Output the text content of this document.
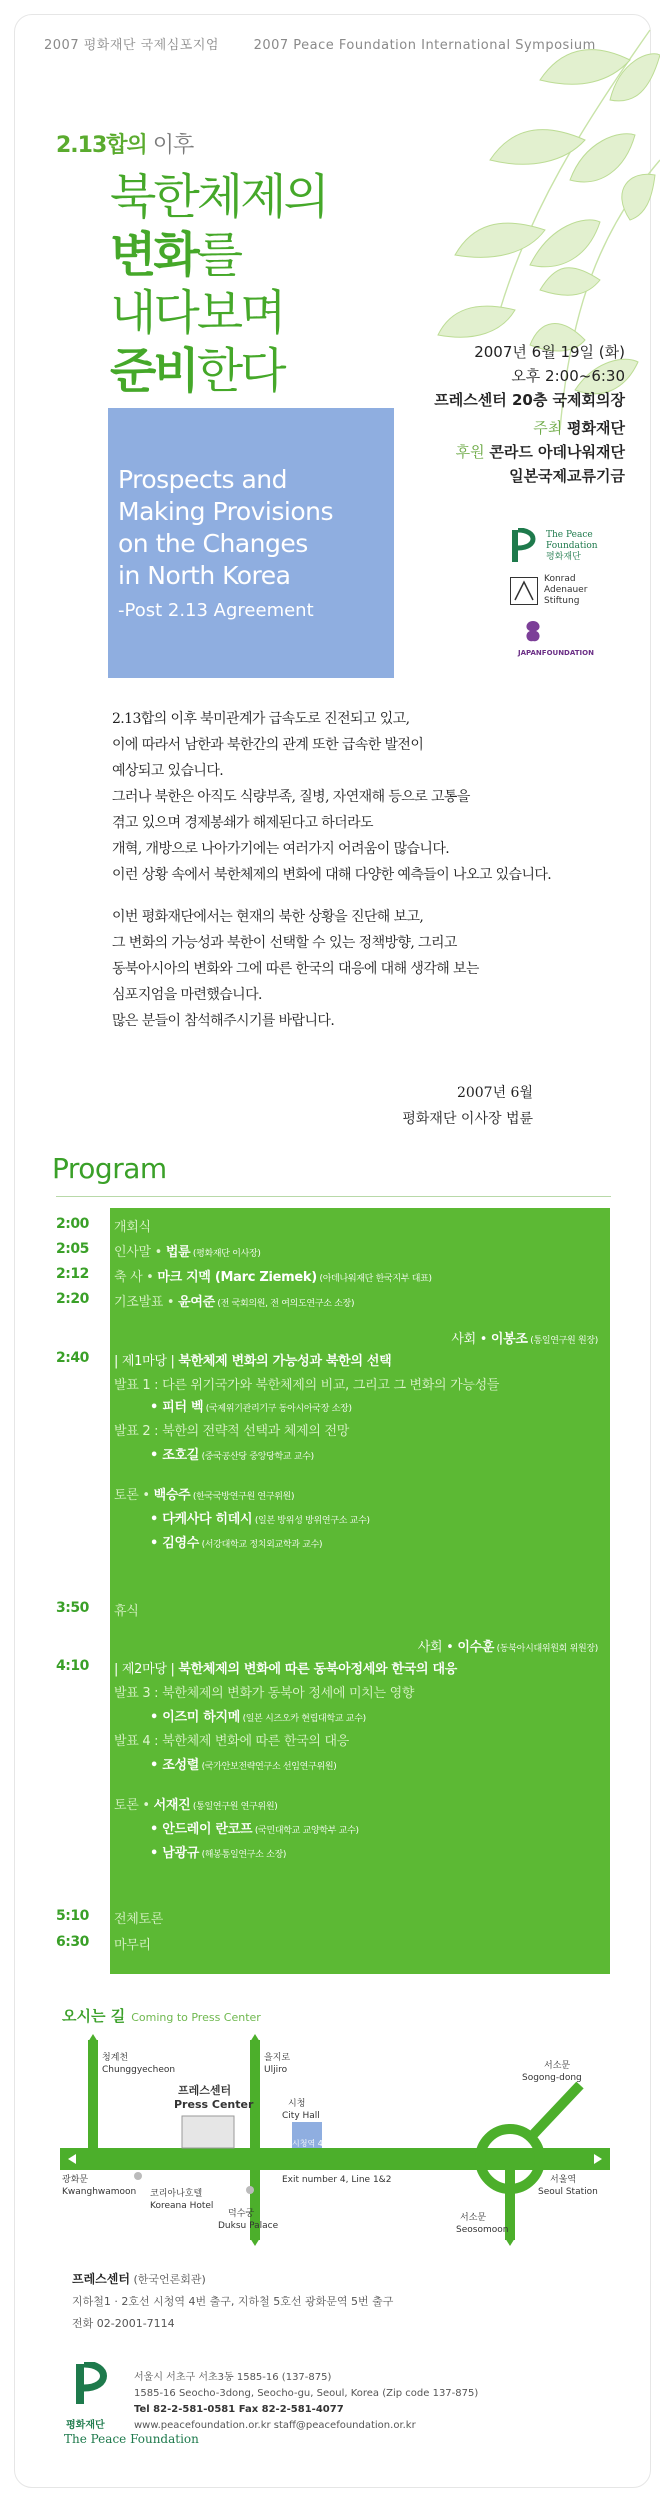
2007 평화재단 국제심포지엄	2007 Peace Foundation International Symposium
2.13합의 이후
북한체제의
변화를
내다보며
준비한다	2007년 6월 19일 (화)
오후 2:00~6:30
프레스센터 20층 국제회의장
주최 평화재단
후원 콘라드 아데나워재단
일본국제교류기금
Prospects and
Making Provisions
on the Changes
in North Korea
-Post 2.13 Agreement
The Peace
Foundation
평화재단
Konrad
Adenauer
Stiftung
JAPANFOUNDATION

2.13합의 이후 북미관계가 급속도로 진전되고 있고,
이에 따라서 남한과 북한간의 관계 또한 급속한 발전이
예상되고 있습니다.
그러나 북한은 아직도 식량부족, 질병, 자연재해 등으로 고통을
겪고 있으며 경제봉쇄가 해제된다고 하더라도
개혁, 개방으로 나아가기에는 여러가지 어려움이 많습니다.
이런 상황 속에서 북한체제의 변화에 대해 다양한 예측들이 나오고 있습니다.

이번 평화재단에서는 현재의 북한 상황을 진단해 보고,
그 변화의 가능성과 북한이 선택할 수 있는 정책방향, 그리고
동북아시아의 변화와 그에 따른 한국의 대응에 대해 생각해 보는
심포지엄을 마련했습니다.
많은 분들이 참석해주시기를 바랍니다.

2007년 6월
평화재단 이사장 법륜
Program
2:00
2:05
2:12
2:20
2:40
3:50
4:10
5:10
6:30
개회식
인사말 • 법륜 (평화재단 이사장)
축 사 • 마크 지멕 (Marc Ziemek) (아데나워재단 한국지부 대표)
기조발표 • 윤여준 (전 국회의원, 전 여의도연구소 소장)
사회 • 이봉조 (통일연구원 원장)
| 제1마당 | 북한체제 변화의 가능성과 북한의 선택
발표 1 : 다른 위기국가와 북한체제의 비교, 그리고 그 변화의 가능성들
• 피터 벡 (국제위기관리기구 동아시아국장 소장)
발표 2 : 북한의 전략적 선택과 체제의 전망
• 조호길 (중국공산당 중앙당학교 교수)
토론 • 백승주 (한국국방연구원 연구위원)
• 다케사다 히데시 (일본 방위성 방위연구소 교수)
• 김영수 (서강대학교 정치외교학과 교수)
휴식
사회 • 이수훈 (동북아시대위원회 위원장)
| 제2마당 | 북한체제의 변화에 따른 동북아정세와 한국의 대응
발표 3 : 북한체제의 변화가 동북아 정세에 미치는 영향
• 이즈미 하지메 (일본 시즈오카 현립대학교 교수)
발표 4 : 북한체제 변화에 따른 한국의 대응
• 조성렬 (국가안보전략연구소 선임연구위원)
토론 • 서재진 (통일연구원 연구위원)
• 안드레이 란코프 (국민대학교 교양학부 교수)
• 남광규 (해봉통일연구소 소장)
전체토론
마무리
오시는 길 Coming to Press Center
청계천
Chunggyecheon
프레스센터
Press Center
을지로
Uljiro
시청
City Hall
서소문
Sogong-dong
시청역 4번 출구 50m앞
Exit number 4, Line 1&2
광화문
Kwanghwamoon 코리아나호텔
Koreana Hotel
덕수궁
Duksu Palace
서울역
Seoul Station
서소문
Seosomoon
프레스센터 (한국언론회관)
지하철1 · 2호선 시청역 4번 출구, 지하철 5호선 광화문역 5번 출구
전화 02-2001-7114
평화재단
The Peace Foundation
서울시 서초구 서초3동 1585-16 (137-875)
1585-16 Seocho-3dong, Seocho-gu, Seoul, Korea (Zip code 137-875)
Tel 82-2-581-0581 Fax 82-2-581-4077
www.peacefoundation.or.kr staff@peacefoundation.or.kr
